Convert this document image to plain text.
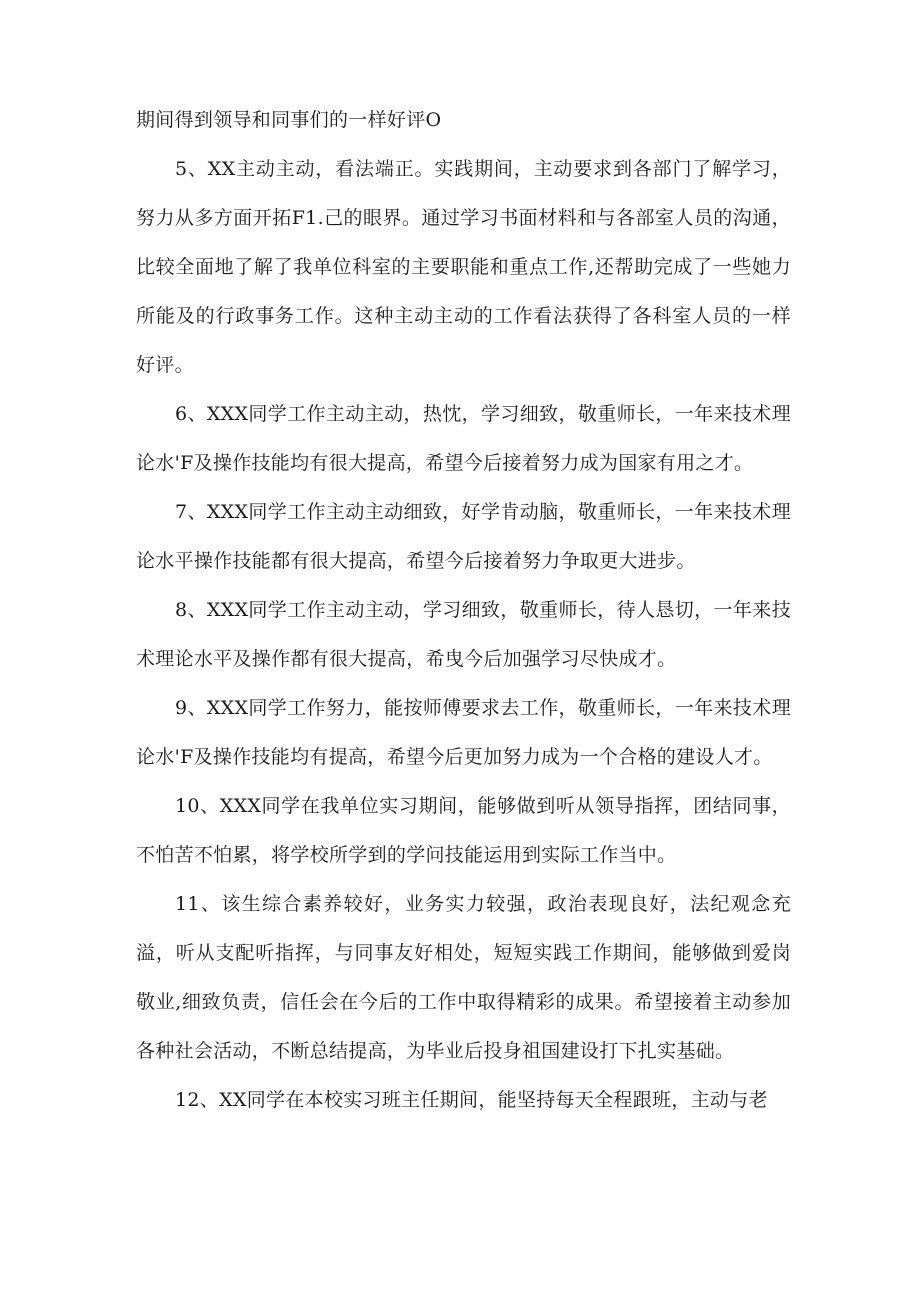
期间得到领导和同事们的一样好评O

5、XX主动主动，看法端正。实践期间，主动要求到各部门了解学习，努力从多方面开拓F1.己的眼界。通过学习书面材料和与各部室人员的沟通，比较全面地了解了我单位科室的主要职能和重点工作,还帮助完成了一些她力所能及的行政事务工作。这种主动主动的工作看法获得了各科室人员的一样好评。

6、XXX同学工作主动主动，热忱，学习细致，敬重师长，一年来技术理论水'F及操作技能均有很大提高，希望今后接着努力成为国家有用之才。

7、XXX同学工作主动主动细致，好学肯动脑，敬重师长，一年来技术理论水平操作技能都有很大提高，希望今后接着努力争取更大进步。

8、XXX同学工作主动主动，学习细致，敬重师长，待人恳切，一年来技术理论水平及操作都有很大提高，希曳今后加强学习尽快成才。

9、XXX同学工作努力，能按师傅要求去工作，敬重师长，一年来技术理论水'F及操作技能均有提高，希望今后更加努力成为一个合格的建设人才。

10、XXX同学在我单位实习期间，能够做到听从领导指挥，团结同事，不怕苦不怕累，将学校所学到的学问技能运用到实际工作当中。

11、该生综合素养较好，业务实力较强，政治表现良好，法纪观念充溢，听从支配听指挥，与同事友好相处，短短实践工作期间，能够做到爱岗敬业,细致负责，信任会在今后的工作中取得精彩的成果。希望接着主动参加各种社会活动，不断总结提高，为毕业后投身祖国建设打下扎实基础。

12、XX同学在本校实习班主任期间，能坚持每天全程跟班，主动与老
